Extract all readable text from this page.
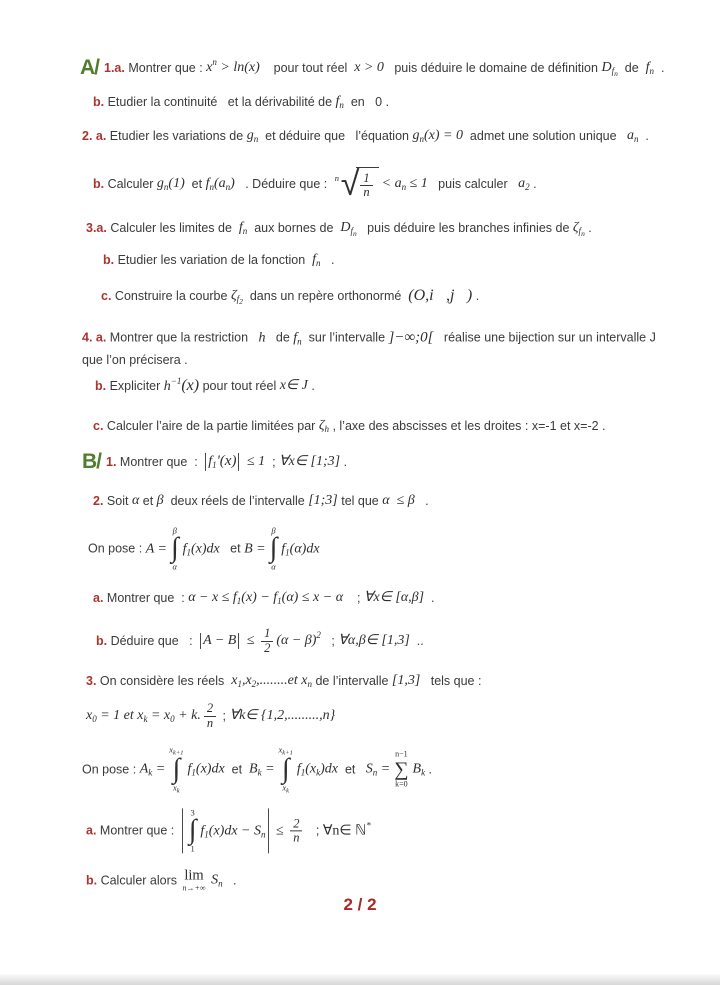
A/ 1.a. Montrer que : $x^n > \ln(x)$ pour tout réel x > 0 puis déduire le domaine de définition $D_{f_n}$ de $f_n$ .
b. Etudier la continuité   et la dérivabilité de $f_n$ en   0 .
2. a. Etudier les variations de $g_n$ et déduire que   l’équation $g_n(x) = 0$ admet une solution unique $a_n$ .
b. Calculer $g_n(1)$ et $f_n(a_n)$ . Déduire que : n √ $\frac{1}{n} < a_n \le 1$ puis calculer $a_2$ .
3.a. Calculer les limites de $f_n$ aux bornes de $D_{f_n}$ puis déduire les branches infinies de $\zeta_{f_n}$ .
b. Etudier les variation de la fonction $f_n$ .
c. Construire la courbe $\zeta_{f_2}$ dans un repère orthonormé (O,i⃗,j⃗) .
4. a. Montrer que la restriction h de $f_n$ sur l’intervalle ]−∞;0[ réalise une bijection sur un intervalle J
que l’on précisera .
b. Expliciter $h^{-1}(x)$ pour tout réel x∈ J .
c. Calculer l’aire de la partie limitées par $\zeta_h$ , l’axe des abscisses et les droites : x=-1 et x=-2 .
B/ 1. Montrer que  : $f_1'(x) \le 1$ ; ∀x∈ [1;3] .
2. Soit α et β deux réels de l’intervalle [1;3] tel que α  ≤ β .
On pose : A =
β
∫
α
$f_1(x)dx$ et B =
β
∫
α
$f_1(\alpha)dx$
a. Montrer que  : $\alpha - x \le f_1(x) - f_1(\alpha) \le x - \alpha$ ; ∀x∈ [α,β] .
b. Déduire que   : $A - B \le \frac{1}{2} (\alpha - \beta)^2$ ; ∀α,β∈ [1,3] ..
3. On considère les réels $x_1,x_2,........et$ $x_n$ de l’intervalle [1,3] tels que :
$x_0 = 1$ et $x_k = x_0 + k$. $\frac{2}{n}$ ; ∀k∈ {1,2,.........,n}
On pose : $A_k$ =
$x_{k+1}$
∫
$x_k$
$f_1(x)dx$ et $B_k$ =
$x_{k+1}$
∫
$x_k$
$f_1(x_k)dx$ et $S_n$ =
n−1
∑
k=0
$B_k$ .
a. Montrer que :
3
∫
1
$f_1(x)dx - S_n \le \frac{2}{n}$ ; ∀n∈ ℕ*
b. Calculer alors lim
n→+∞
$S_n$ .
2 / 2
